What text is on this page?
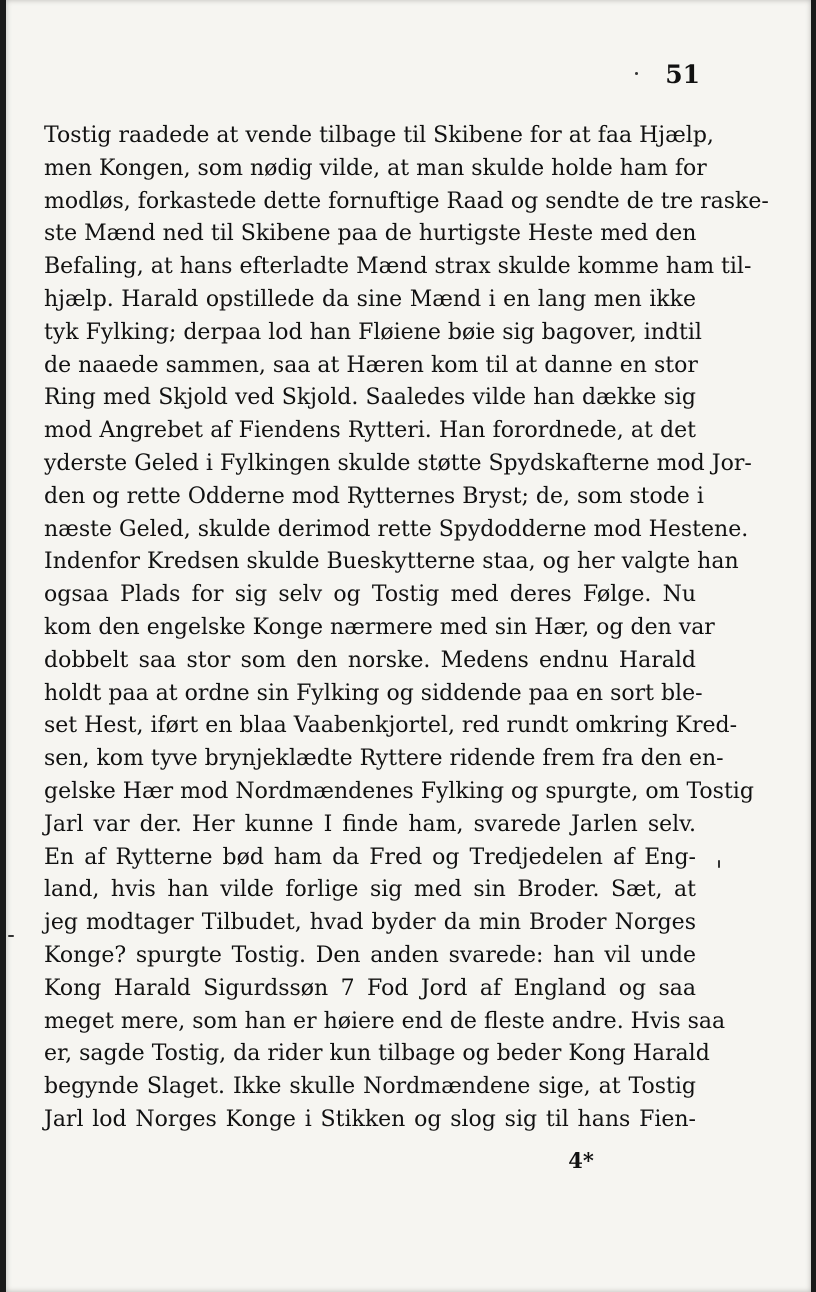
51
Tostig raadede at vende tilbage til Skibene for at faa Hjælp,
men Kongen, som nødig vilde, at man skulde holde ham for
modløs, forkastede dette fornuftige Raad og sendte de tre raske-
ste Mænd ned til Skibene paa de hurtigste Heste med den
Befaling, at hans efterladte Mænd strax skulde komme ham til-
hjælp. Harald opstillede da sine Mænd i en lang men ikke
tyk Fylking; derpaa lod han Fløiene bøie sig bagover, indtil
de naaede sammen, saa at Hæren kom til at danne en stor
Ring med Skjold ved Skjold. Saaledes vilde han dække sig
mod Angrebet af Fiendens Rytteri. Han forordnede, at det
yderste Geled i Fylkingen skulde støtte Spydskafterne mod Jor-
den og rette Odderne mod Rytternes Bryst; de, som stode i
næste Geled, skulde derimod rette Spydodderne mod Hestene.
Indenfor Kredsen skulde Bueskytterne staa, og her valgte han
ogsaa Plads for sig selv og Tostig med deres Følge. Nu
kom den engelske Konge nærmere med sin Hær, og den var
dobbelt saa stor som den norske. Medens endnu Harald
holdt paa at ordne sin Fylking og siddende paa en sort ble-
set Hest, iført en blaa Vaabenkjortel, red rundt omkring Kred-
sen, kom tyve brynjeklædte Ryttere ridende frem fra den en-
gelske Hær mod Nordmændenes Fylking og spurgte, om Tostig
Jarl var der. Her kunne I finde ham, svarede Jarlen selv.
En af Rytterne bød ham da Fred og Tredjedelen af Eng-
land, hvis han vilde forlige sig med sin Broder. Sæt, at
jeg modtager Tilbudet, hvad byder da min Broder Norges
Konge? spurgte Tostig. Den anden svarede: han vil unde
Kong Harald Sigurdssøn 7 Fod Jord af England og saa
meget mere, som han er høiere end de fleste andre. Hvis saa
er, sagde Tostig, da rider kun tilbage og beder Kong Harald
begynde Slaget. Ikke skulle Nordmændene sige, at Tostig
Jarl lod Norges Konge i Stikken og slog sig til hans Fien-
4*
